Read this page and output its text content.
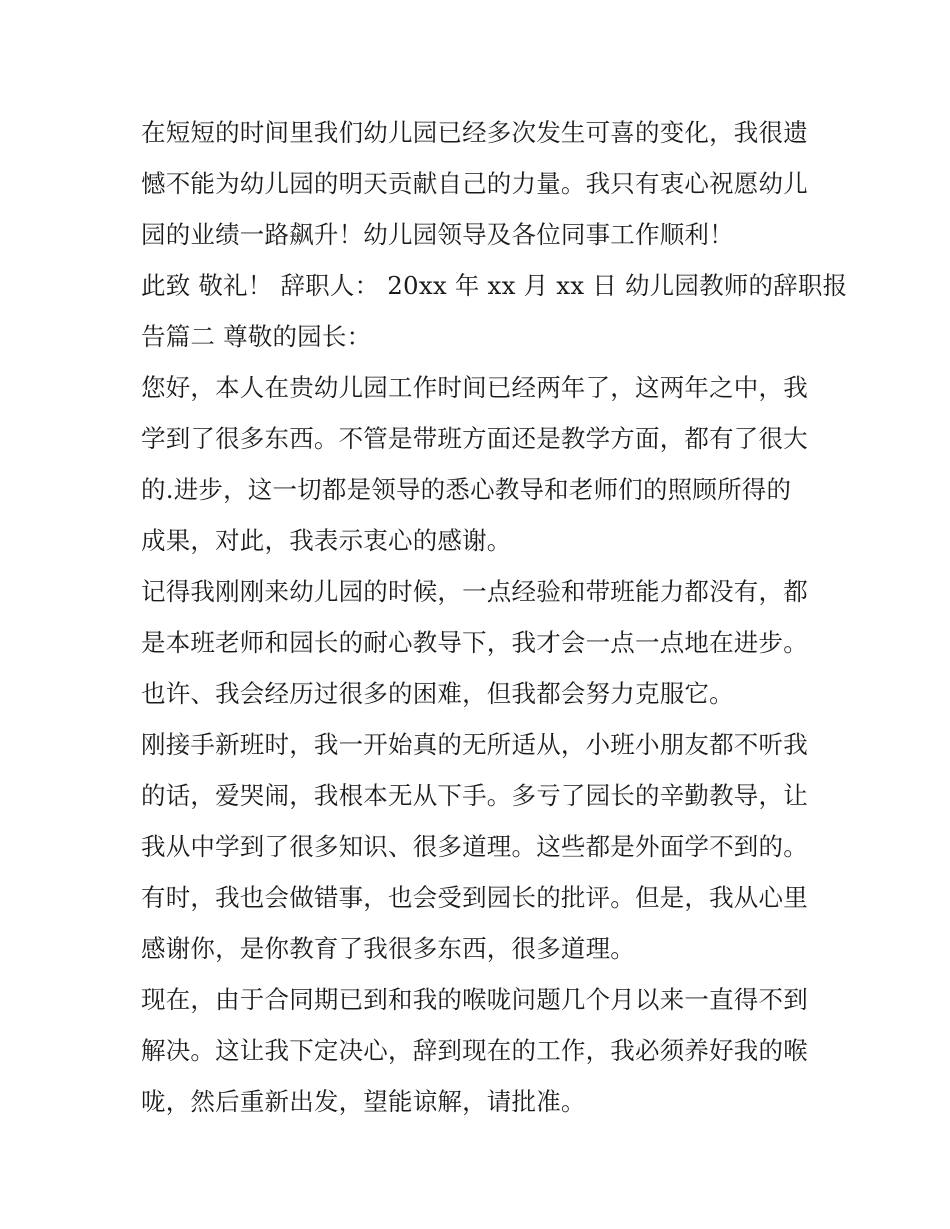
在短短的时间里我们幼儿园已经多次发生可喜的变化，我很遗

憾不能为幼儿园的明天贡献自己的力量。我只有衷心祝愿幼儿

园的业绩一路飙升！幼儿园领导及各位同事工作顺利！

此致 敬礼！ 辞职人： 20xx 年 xx 月 xx 日 幼儿园教师的辞职报

告篇二 尊敬的园长：

您好，本人在贵幼儿园工作时间已经两年了，这两年之中，我

学到了很多东西。不管是带班方面还是教学方面，都有了很大

的.进步，这一切都是领导的悉心教导和老师们的照顾所得的

成果，对此，我表示衷心的感谢。

记得我刚刚来幼儿园的时候，一点经验和带班能力都没有，都

是本班老师和园长的耐心教导下，我才会一点一点地在进步。

也许、我会经历过很多的困难，但我都会努力克服它。

刚接手新班时，我一开始真的无所适从，小班小朋友都不听我

的话，爱哭闹，我根本无从下手。多亏了园长的辛勤教导，让

我从中学到了很多知识、很多道理。这些都是外面学不到的。

有时，我也会做错事，也会受到园长的批评。但是，我从心里

感谢你，是你教育了我很多东西，很多道理。

现在，由于合同期已到和我的喉咙问题几个月以来一直得不到

解决。这让我下定决心，辞到现在的工作，我必须养好我的喉

咙，然后重新出发，望能谅解，请批准。
